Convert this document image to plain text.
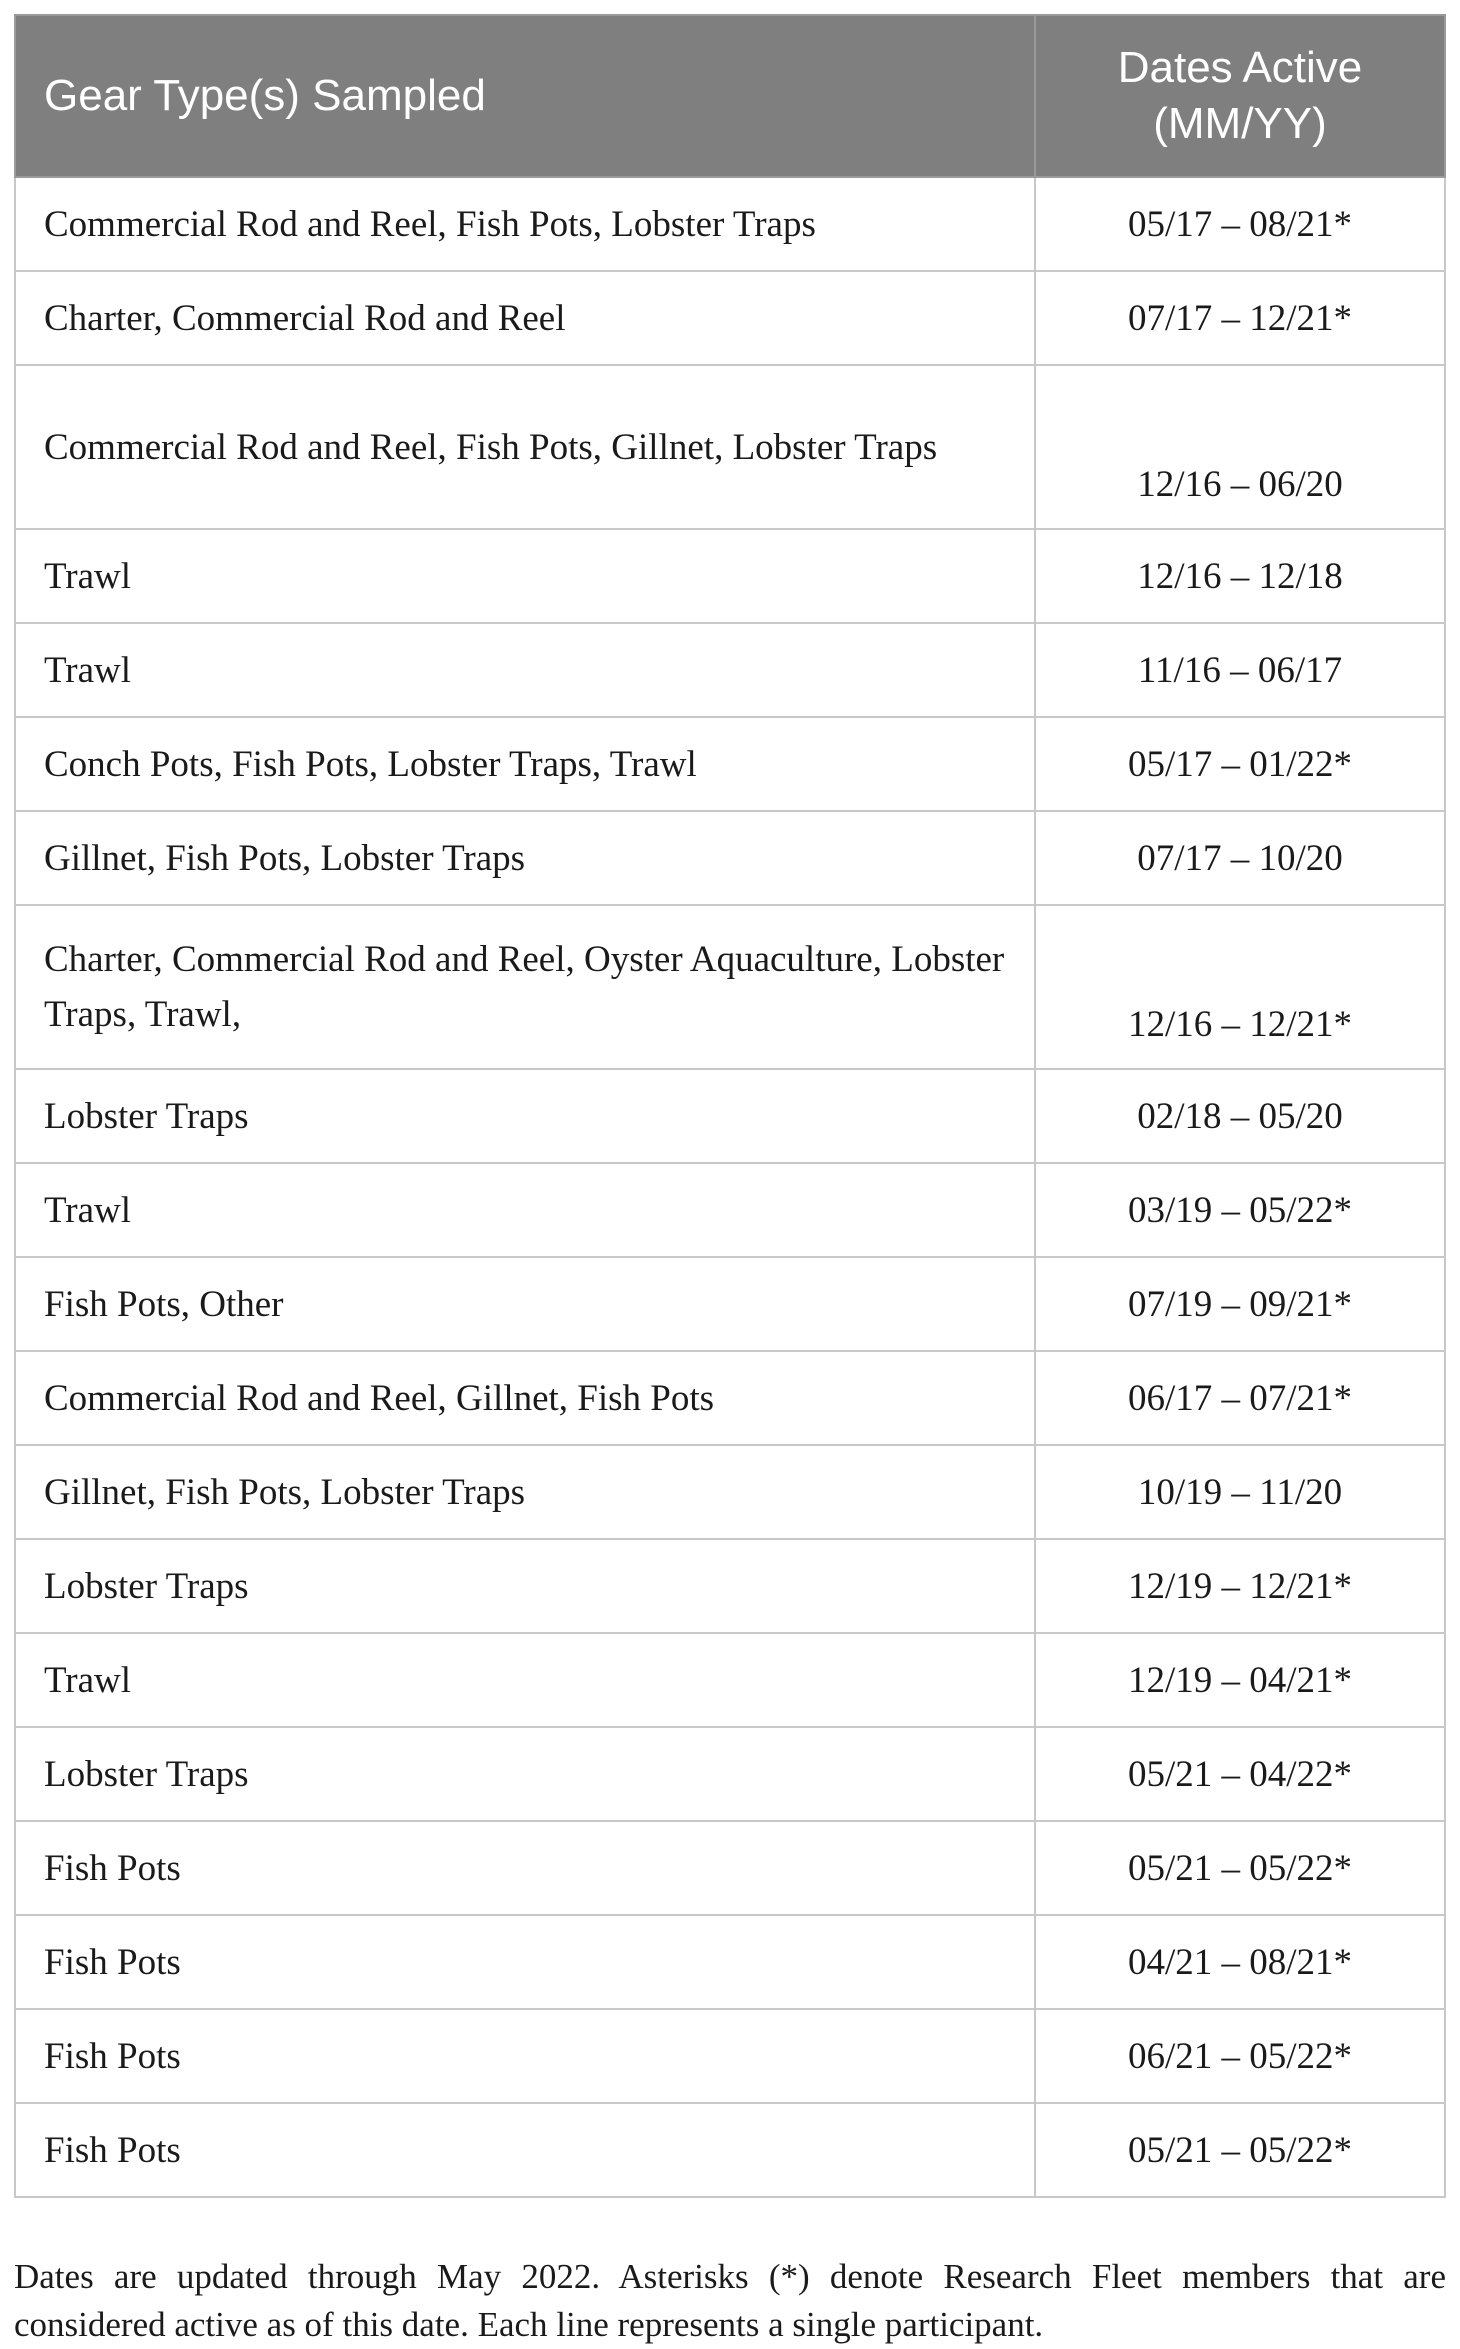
Gear Type(s) Sampled	Dates Active
(MM/YY)
Commercial Rod and Reel, Fish Pots, Lobster Traps	05/17 – 08/21*
Charter, Commercial Rod and Reel	07/17 – 12/21*
Commercial Rod and Reel, Fish Pots, Gillnet, Lobster Traps	12/16 – 06/20
Trawl	12/16 – 12/18
Trawl	11/16 – 06/17
Conch Pots, Fish Pots, Lobster Traps, Trawl	05/17 – 01/22*
Gillnet, Fish Pots, Lobster Traps	07/17 – 10/20
Charter, Commercial Rod and Reel, Oyster Aquaculture, Lobster Traps, Trawl,	12/16 – 12/21*
Lobster Traps	02/18 – 05/20
Trawl	03/19 – 05/22*
Fish Pots, Other	07/19 – 09/21*
Commercial Rod and Reel, Gillnet, Fish Pots	06/17 – 07/21*
Gillnet, Fish Pots, Lobster Traps	10/19 – 11/20
Lobster Traps	12/19 – 12/21*
Trawl	12/19 – 04/21*
Lobster Traps	05/21 – 04/22*
Fish Pots	05/21 – 05/22*
Fish Pots	04/21 – 08/21*
Fish Pots	06/21 – 05/22*
Fish Pots	05/21 – 05/22*

Dates are updated through May 2022. Asterisks (*) denote Research Fleet members that are considered active as of this date. Each line represents a single participant.
